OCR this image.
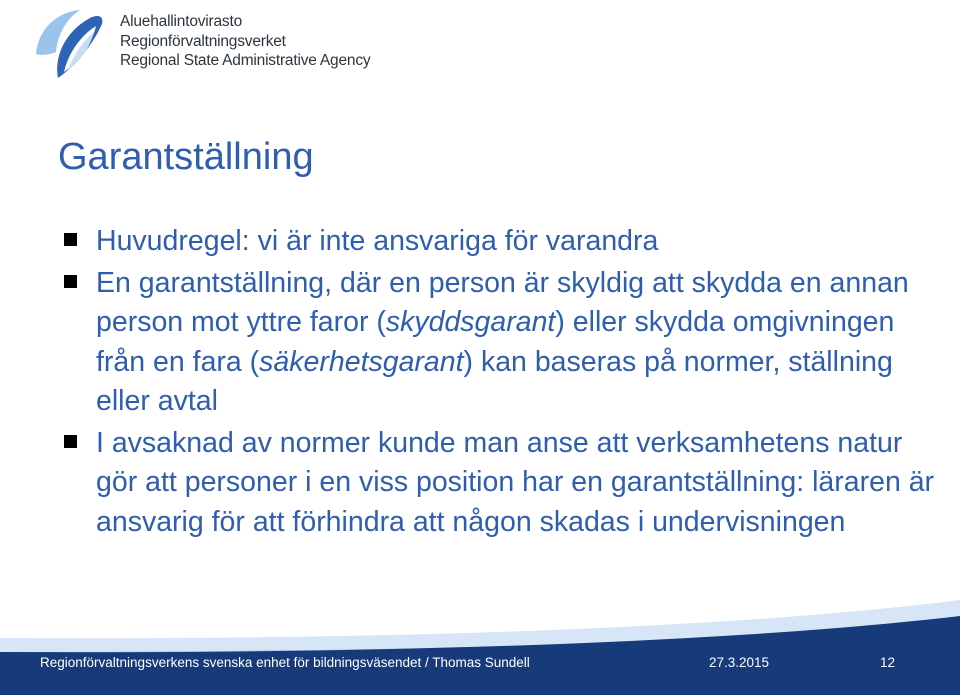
Aluehallintovirasto
Regionförvaltningsverket
Regional State Administrative Agency
Garantställning
Huvudregel: vi är inte ansvariga för varandra
En garantställning, där en person är skyldig att skydda en annan person mot yttre faror (skyddsgarant) eller skydda omgivningen från en fara (säkerhetsgarant) kan baseras på normer, ställning eller avtal
I avsaknad av normer kunde man anse att verksamhetens natur gör att personer i en viss position har en garantställning: läraren är ansvarig för att förhindra att någon skadas i undervisningen
Regionförvaltningsverkens svenska enhet för bildningsväsendet / Thomas Sundell	27.3.2015	12
